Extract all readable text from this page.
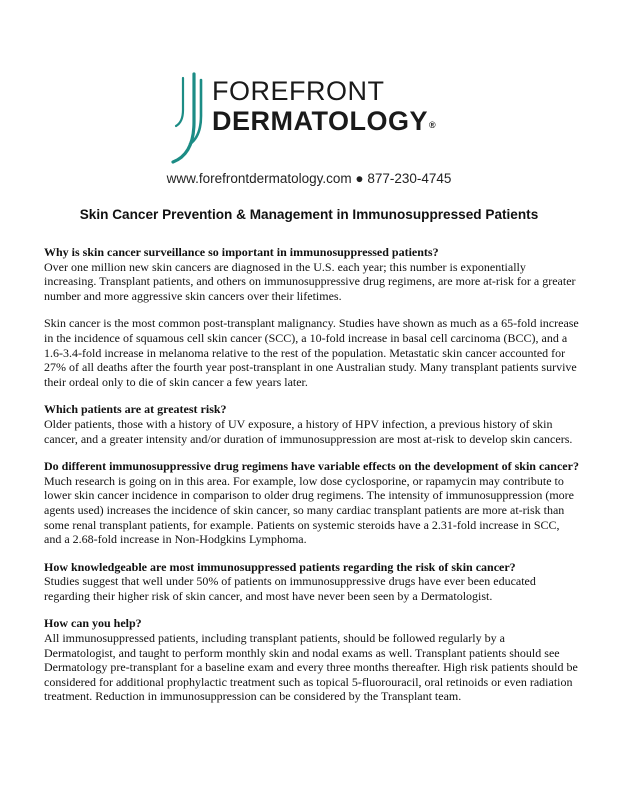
FOREFRONT
DERMATOLOGY®
www.forefrontdermatology.com ● 877-230-4745
Skin Cancer Prevention & Management in Immunosuppressed Patients
Why is skin cancer surveillance so important in immunosuppressed patients?
Over one million new skin cancers are diagnosed in the U.S. each year; this number is exponentially increasing. Transplant patients, and others on immunosuppressive drug regimens, are more at-risk for a greater number and more aggressive skin cancers over their lifetimes.
Skin cancer is the most common post-transplant malignancy. Studies have shown as much as a 65-fold increase in the incidence of squamous cell skin cancer (SCC), a 10-fold increase in basal cell carcinoma (BCC), and a 1.6-3.4-fold increase in melanoma relative to the rest of the population. Metastatic skin cancer accounted for 27% of all deaths after the fourth year post-transplant in one Australian study. Many transplant patients survive their ordeal only to die of skin cancer a few years later.
Which patients are at greatest risk?
Older patients, those with a history of UV exposure, a history of HPV infection, a previous history of skin cancer, and a greater intensity and/or duration of immunosuppression are most at-risk to develop skin cancers.
Do different immunosuppressive drug regimens have variable effects on the development of skin cancer?
Much research is going on in this area. For example, low dose cyclosporine, or rapamycin may contribute to lower skin cancer incidence in comparison to older drug regimens. The intensity of immunosuppression (more agents used) increases the incidence of skin cancer, so many cardiac transplant patients are more at-risk than some renal transplant patients, for example. Patients on systemic steroids have a 2.31-fold increase in SCC, and a 2.68-fold increase in Non-Hodgkins Lymphoma.
How knowledgeable are most immunosuppressed patients regarding the risk of skin cancer?
Studies suggest that well under 50% of patients on immunosuppressive drugs have ever been educated regarding their higher risk of skin cancer, and most have never been seen by a Dermatologist.
How can you help?
All immunosuppressed patients, including transplant patients, should be followed regularly by a Dermatologist, and taught to perform monthly skin and nodal exams as well. Transplant patients should see Dermatology pre-transplant for a baseline exam and every three months thereafter. High risk patients should be considered for additional prophylactic treatment such as topical 5-fluorouracil, oral retinoids or even radiation treatment. Reduction in immunosuppression can be considered by the Transplant team.
